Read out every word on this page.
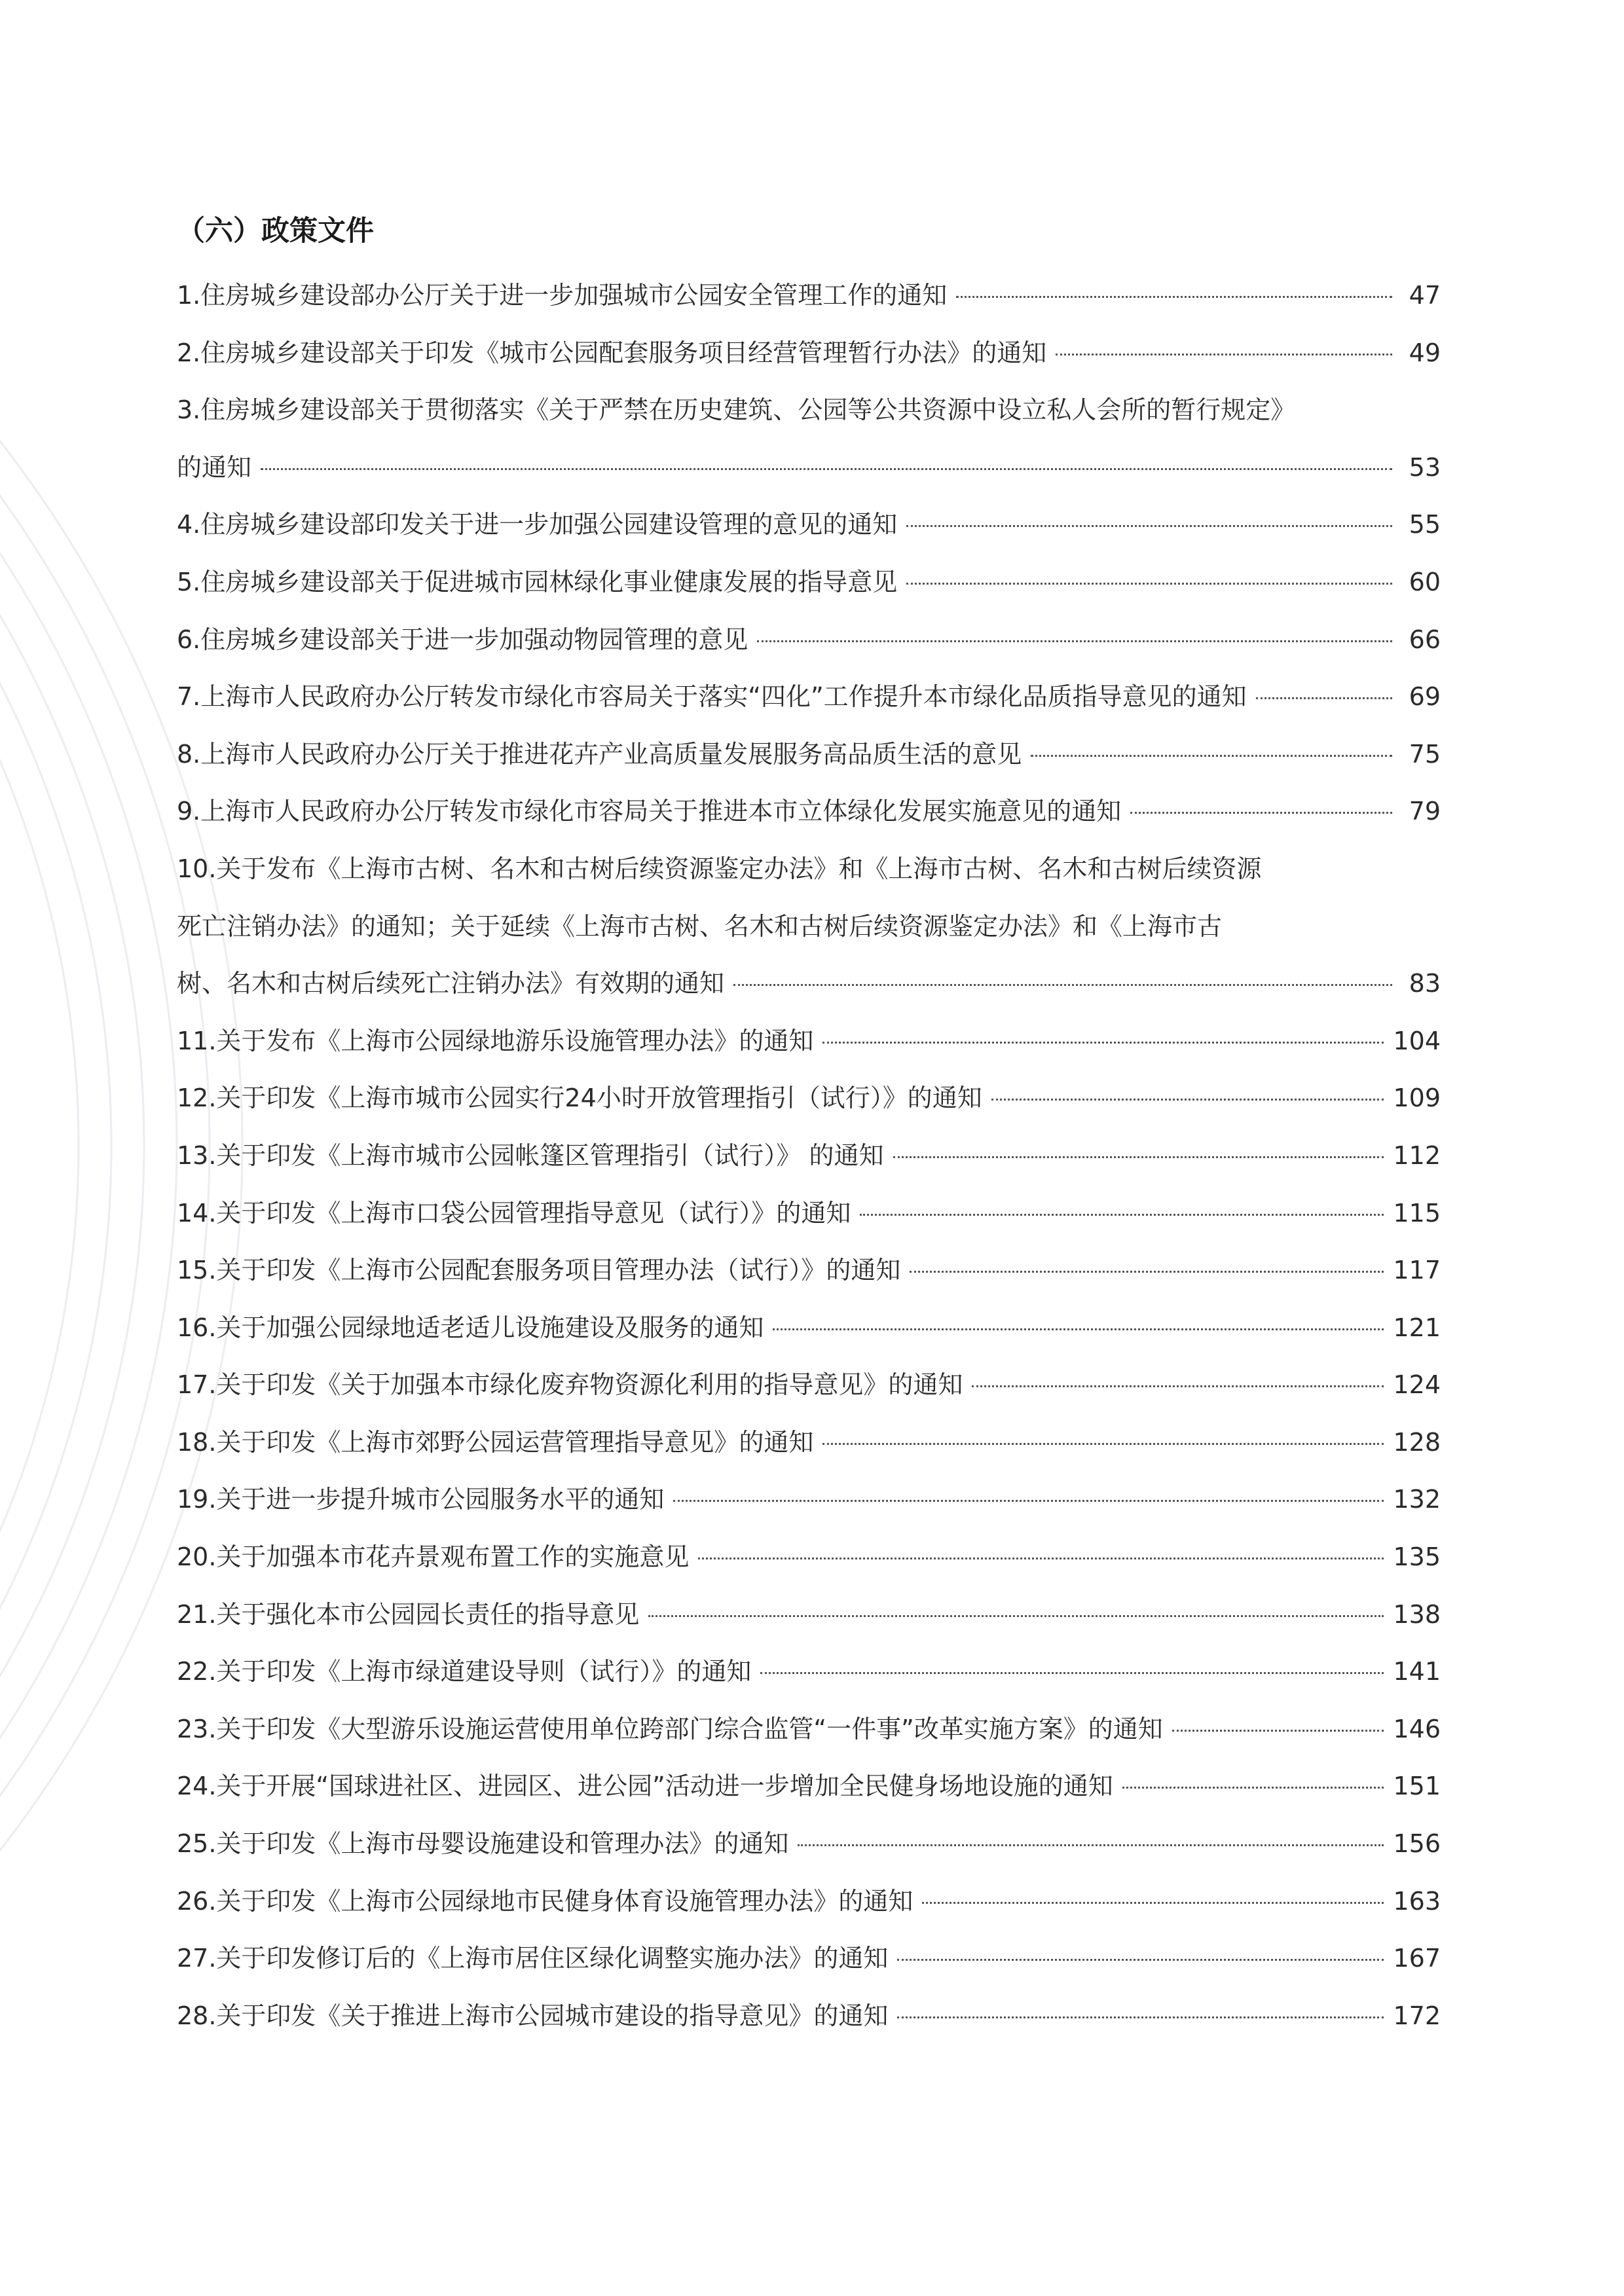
（六）政策文件
1.住房城乡建设部办公厅关于进一步加强城市公园安全管理工作的通知	47
2.住房城乡建设部关于印发《城市公园配套服务项目经营管理暂行办法》的通知	49
3.住房城乡建设部关于贯彻落实《关于严禁在历史建筑、公园等公共资源中设立私人会所的暂行规定》
的通知	53
4.住房城乡建设部印发关于进一步加强公园建设管理的意见的通知	55
5.住房城乡建设部关于促进城市园林绿化事业健康发展的指导意见	60
6.住房城乡建设部关于进一步加强动物园管理的意见	66
7.上海市人民政府办公厅转发市绿化市容局关于落实“四化”工作提升本市绿化品质指导意见的通知	69
8.上海市人民政府办公厅关于推进花卉产业高质量发展服务高品质生活的意见	75
9.上海市人民政府办公厅转发市绿化市容局关于推进本市立体绿化发展实施意见的通知	79
10.关于发布《上海市古树、名木和古树后续资源鉴定办法》和《上海市古树、名木和古树后续资源
死亡注销办法》的通知；关于延续《上海市古树、名木和古树后续资源鉴定办法》和《上海市古
树、名木和古树后续死亡注销办法》有效期的通知	83
11.关于发布《上海市公园绿地游乐设施管理办法》的通知	104
12.关于印发《上海市城市公园实行24小时开放管理指引（试行）》的通知	109
13.关于印发《上海市城市公园帐篷区管理指引（试行）》 的通知	112
14.关于印发《上海市口袋公园管理指导意见（试行）》的通知	115
15.关于印发《上海市公园配套服务项目管理办法（试行）》的通知	117
16.关于加强公园绿地适老适儿设施建设及服务的通知	121
17.关于印发《关于加强本市绿化废弃物资源化利用的指导意见》的通知	124
18.关于印发《上海市郊野公园运营管理指导意见》的通知	128
19.关于进一步提升城市公园服务水平的通知	132
20.关于加强本市花卉景观布置工作的实施意见	135
21.关于强化本市公园园长责任的指导意见	138
22.关于印发《上海市绿道建设导则（试行）》的通知	141
23.关于印发《大型游乐设施运营使用单位跨部门综合监管“一件事”改革实施方案》的通知	146
24.关于开展“国球进社区、进园区、进公园”活动进一步增加全民健身场地设施的通知	151
25.关于印发《上海市母婴设施建设和管理办法》的通知	156
26.关于印发《上海市公园绿地市民健身体育设施管理办法》的通知	163
27.关于印发修订后的《上海市居住区绿化调整实施办法》的通知	167
28.关于印发《关于推进上海市公园城市建设的指导意见》的通知	172
